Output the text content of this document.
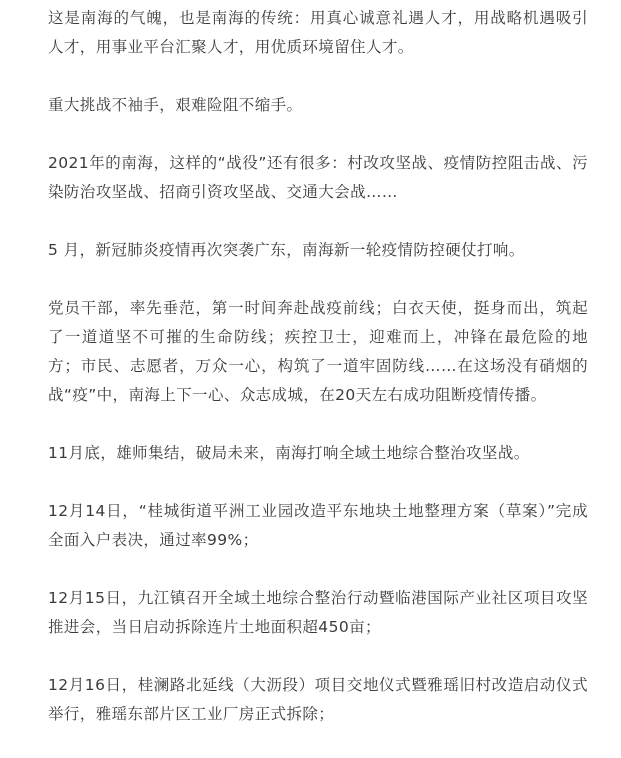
这是南海的气魄，也是南海的传统：用真心诚意礼遇人才，用战略机遇吸引人才，用事业平台汇聚人才，用优质环境留住人才。

重大挑战不袖手，艰难险阻不缩手。

2021年的南海，这样的“战役”还有很多：村改攻坚战、疫情防控阻击战、污染防治攻坚战、招商引资攻坚战、交通大会战……

5 月，新冠肺炎疫情再次突袭广东，南海新一轮疫情防控硬仗打响。

党员干部，率先垂范，第一时间奔赴战疫前线；白衣天使，挺身而出，筑起了一道道坚不可摧的生命防线；疾控卫士，迎难而上，冲锋在最危险的地方；市民、志愿者，万众一心，构筑了一道牢固防线……在这场没有硝烟的战“疫”中，南海上下一心、众志成城，在20天左右成功阻断疫情传播。

11月底，雄师集结，破局未来，南海打响全域土地综合整治攻坚战。

12月14日，“桂城街道平洲工业园改造平东地块土地整理方案（草案）”完成全面入户表决，通过率99%；

12月15日，九江镇召开全域土地综合整治行动暨临港国际产业社区项目攻坚推进会，当日启动拆除连片土地面积超450亩；

12月16日，桂澜路北延线（大沥段）项目交地仪式暨雅瑶旧村改造启动仪式举行，雅瑶东部片区工业厂房正式拆除；
